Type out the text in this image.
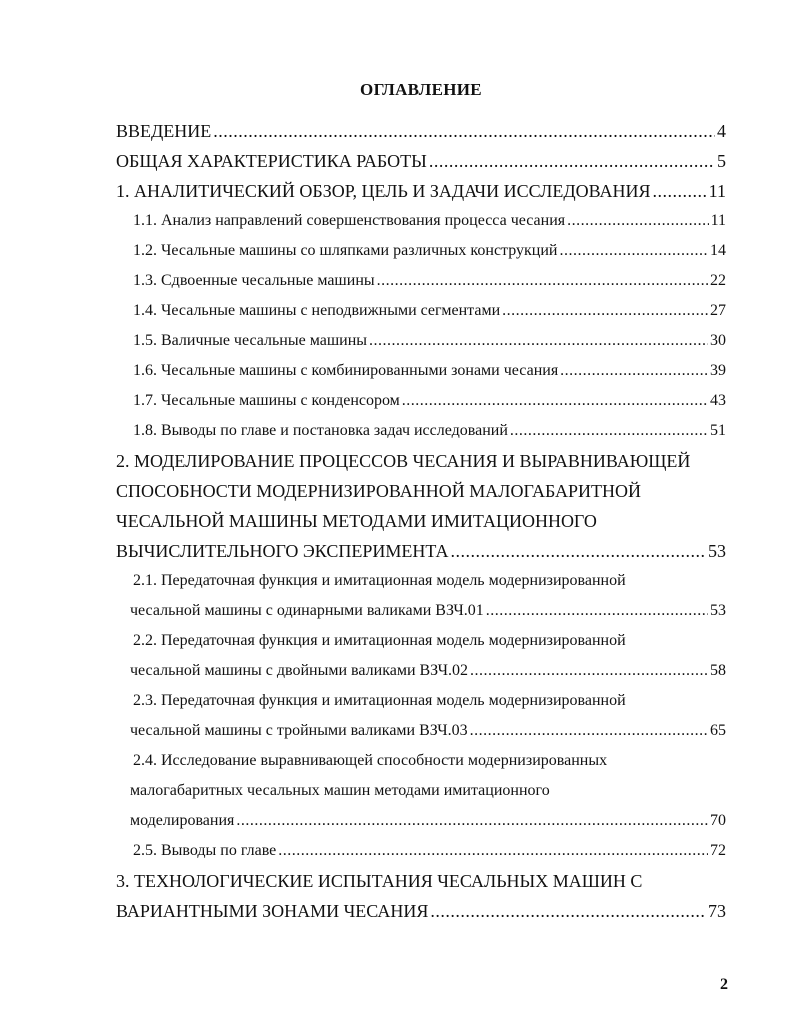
ОГЛАВЛЕНИЕ
ВВЕДЕНИЕ .....	4
ОБЩАЯ ХАРАКТЕРИСТИКА РАБОТЫ .....	5
1. АНАЛИТИЧЕСКИЙ ОБЗОР, ЦЕЛЬ И ЗАДАЧИ ИССЛЕДОВАНИЯ .....	11
1.1. Анализ направлений совершенствования процесса чесания .....	11
1.2. Чесальные машины со шляпками различных конструкций .....	14
1.3. Сдвоенные чесальные машины .....	22
1.4. Чесальные машины с неподвижными сегментами .....	27
1.5. Валичные чесальные машины .....	30
1.6. Чесальные машины с комбинированными зонами чесания .....	39
1.7. Чесальные машины с конденсором .....	43
1.8. Выводы по главе и постановка задач исследований .....	51
2. МОДЕЛИРОВАНИЕ ПРОЦЕССОВ ЧЕСАНИЯ И ВЫРАВНИВАЮЩЕЙ
СПОСОБНОСТИ МОДЕРНИЗИРОВАННОЙ МАЛОГАБАРИТНОЙ
ЧЕСАЛЬНОЙ МАШИНЫ МЕТОДАМИ ИМИТАЦИОННОГО
ВЫЧИСЛИТЕЛЬНОГО ЭКСПЕРИМЕНТА .....	53
2.1. Передаточная функция и имитационная модель модернизированной
чесальной машины с одинарными валиками ВЗЧ.01 .....	53
2.2. Передаточная функция и имитационная модель модернизированной
чесальной машины с двойными валиками ВЗЧ.02 .....	58
2.3. Передаточная функция и имитационная модель модернизированной
чесальной машины с тройными валиками ВЗЧ.03 .....	65
2.4. Исследование выравнивающей способности модернизированных
малогабаритных чесальных машин методами имитационного
моделирования .....	70
2.5. Выводы по главе .....	72
3. ТЕХНОЛОГИЧЕСКИЕ ИСПЫТАНИЯ ЧЕСАЛЬНЫХ МАШИН С
ВАРИАНТНЫМИ ЗОНАМИ ЧЕСАНИЯ .....	73
2
